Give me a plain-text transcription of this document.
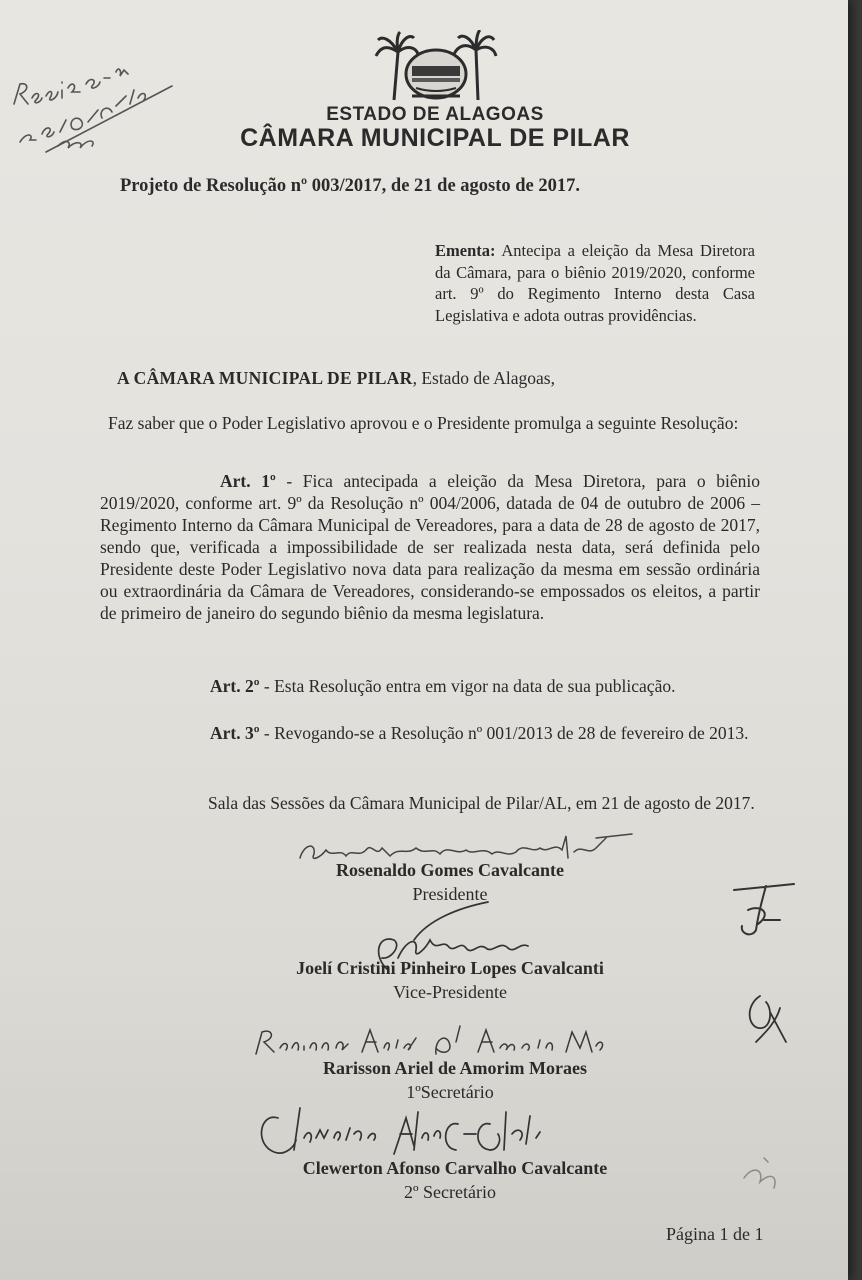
ESTADO DE ALAGOAS
CÂMARA MUNICIPAL DE PILAR
Projeto de Resolução nº 003/2017, de 21 de agosto de 2017.
Ementa: Antecipa a eleição da Mesa Diretora da Câmara, para o biênio 2019/2020, conforme art. 9º do Regimento Interno desta Casa Legislativa e adota outras providências.
A CÂMARA MUNICIPAL DE PILAR, Estado de Alagoas,
Faz saber que o Poder Legislativo aprovou e o Presidente promulga a seguinte Resolução:
Art. 1º - Fica antecipada a eleição da Mesa Diretora, para o biênio 2019/2020, conforme art. 9º da Resolução nº 004/2006, datada de 04 de outubro de 2006 – Regimento Interno da Câmara Municipal de Vereadores, para a data de 28 de agosto de 2017, sendo que, verificada a impossibilidade de ser realizada nesta data, será definida pelo Presidente deste Poder Legislativo nova data para realização da mesma em sessão ordinária ou extraordinária da Câmara de Vereadores, considerando-se empossados os eleitos, a partir de primeiro de janeiro do segundo biênio da mesma legislatura.
Art. 2º - Esta Resolução entra em vigor na data de sua publicação.
Art. 3º - Revogando-se a Resolução nº 001/2013 de 28 de fevereiro de 2013.
Sala das Sessões da Câmara Municipal de Pilar/AL, em 21 de agosto de 2017.
Rosenaldo Gomes Cavalcante
Presidente
Joelí Cristini Pinheiro Lopes Cavalcanti
Vice-Presidente
Rarisson Ariel de Amorim Moraes
1ºSecretário
Clewerton Afonso Carvalho Cavalcante
2º Secretário
Página 1 de 1
